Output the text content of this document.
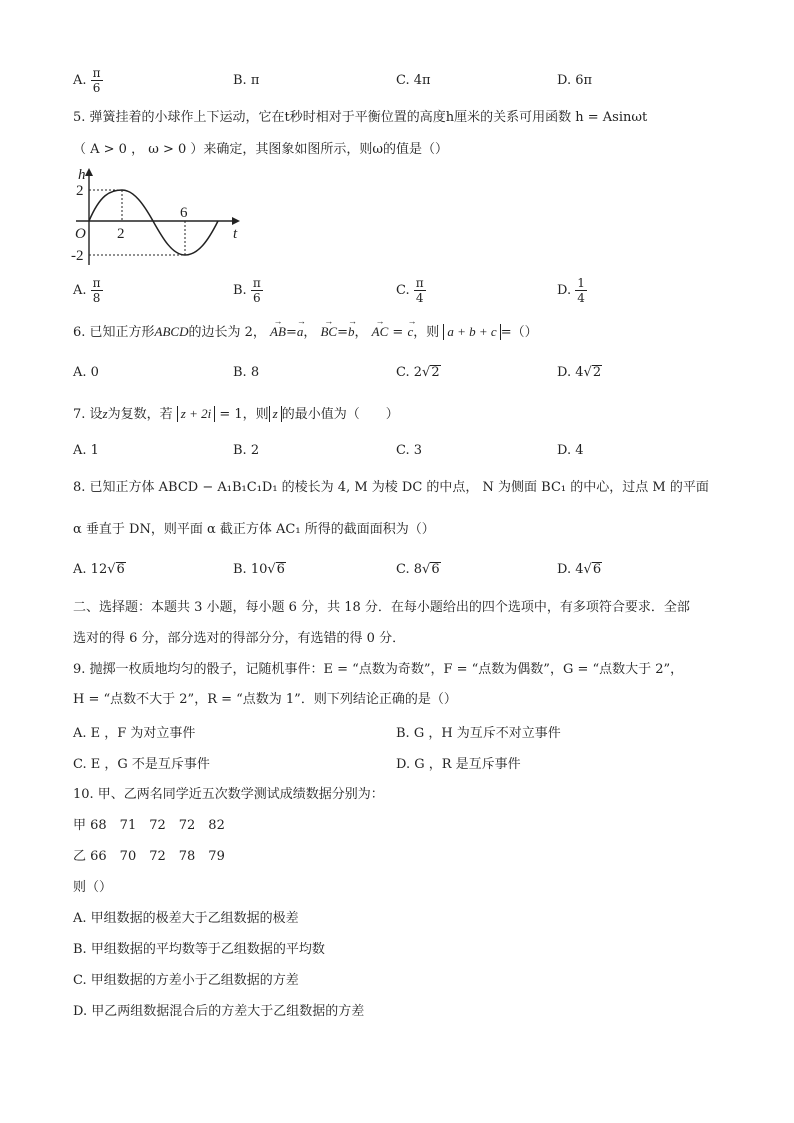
A. $\frac{\pi}{6}$	B. π	C. 4π	D. 6π
5. 弹簧挂着的小球作上下运动，它在t秒时相对于平衡位置的高度h厘米的关系可用函数 h = Asinωt
（ A > 0 ， ω > 0 ）来确定，其图象如图所示，则ω的值是（）
h
t
O
2
-2
2
6
A. $\frac{\pi}{8}$	B. $\frac{\pi}{6}$	C. $\frac{\pi}{4}$	D. $\frac{1}{4}$
6. 已知正方形ABCD的边长为 2， → AB=→ a， → BC=→ b， → AC = → c，则 a + b + c =（）
A. 0	B. 8	C. 2√2	D. 4√2
7. 设z为复数，若 z + 2i = 1，则 z 的最小值为（　　）
A. 1	B. 2	C. 3	D. 4
8. 已知正方体 ABCD − A₁B₁C₁D₁ 的棱长为 4, M 为棱 DC 的中点， N 为侧面 BC₁ 的中心，过点 M 的平面
α 垂直于 DN，则平面 α 截正方体 AC₁ 所得的截面面积为（）
A. 12√6	B. 10√6	C. 8√6	D. 4√6
二、选择题：本题共 3 小题，每小题 6 分，共 18 分．在每小题给出的四个选项中，有多项符合要求．全部
选对的得 6 分，部分选对的得部分分，有选错的得 0 分．
9. 抛掷一枚质地均匀的骰子，记随机事件：E = “点数为奇数”，F = “点数为偶数”，G = “点数大于 2”，
H = “点数不大于 2”，R = “点数为 1”．则下列结论正确的是（）
A. E ，F 为对立事件	B. G ，H 为互斥不对立事件
C. E ，G 不是互斥事件	D. G ，R 是互斥事件
10. 甲、乙两名同学近五次数学测试成绩数据分别为：
甲 68　71　72　72　82
乙 66　70　72　78　79
则（）
A. 甲组数据的极差大于乙组数据的极差
B. 甲组数据的平均数等于乙组数据的平均数
C. 甲组数据的方差小于乙组数据的方差
D. 甲乙两组数据混合后的方差大于乙组数据的方差
